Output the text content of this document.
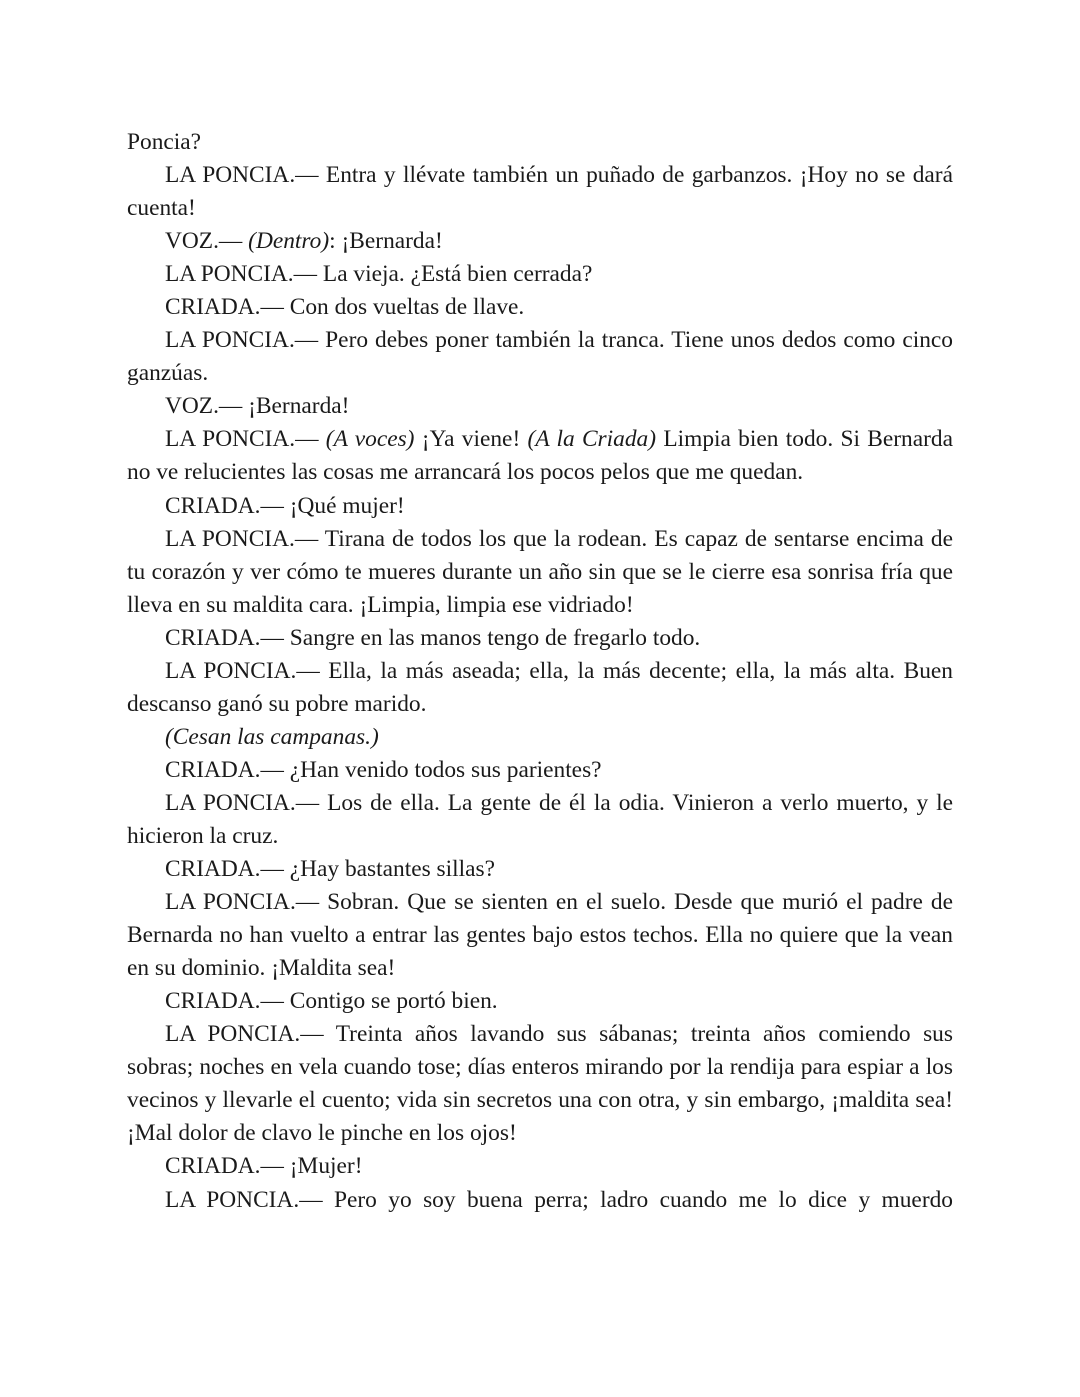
Poncia?

LA PONCIA.— Entra y llévate también un puñado de garbanzos. ¡Hoy no se dará cuenta!

VOZ.— (Dentro): ¡Bernarda!

LA PONCIA.— La vieja. ¿Está bien cerrada?

CRIADA.— Con dos vueltas de llave.

LA PONCIA.— Pero debes poner también la tranca. Tiene unos dedos como cinco ganzúas.

VOZ.— ¡Bernarda!

LA PONCIA.— (A voces) ¡Ya viene! (A la Criada) Limpia bien todo. Si Bernarda no ve relucientes las cosas me arrancará los pocos pelos que me quedan.

CRIADA.— ¡Qué mujer!

LA PONCIA.— Tirana de todos los que la rodean. Es capaz de sentarse encima de tu corazón y ver cómo te mueres durante un año sin que se le cierre esa sonrisa fría que lleva en su maldita cara. ¡Limpia, limpia ese vidriado!

CRIADA.— Sangre en las manos tengo de fregarlo todo.

LA PONCIA.— Ella, la más aseada; ella, la más decente; ella, la más alta. Buen descanso ganó su pobre marido.

(Cesan las campanas.)

CRIADA.— ¿Han venido todos sus parientes?

LA PONCIA.— Los de ella. La gente de él la odia. Vinieron a verlo muerto, y le hicieron la cruz.

CRIADA.— ¿Hay bastantes sillas?

LA PONCIA.— Sobran. Que se sienten en el suelo. Desde que murió el padre de Bernarda no han vuelto a entrar las gentes bajo estos techos. Ella no quiere que la vean en su dominio. ¡Maldita sea!

CRIADA.— Contigo se portó bien.

LA PONCIA.— Treinta años lavando sus sábanas; treinta años comiendo sus sobras; noches en vela cuando tose; días enteros mirando por la rendija para espiar a los vecinos y llevarle el cuento; vida sin secretos una con otra, y sin embargo, ¡maldita sea! ¡Mal dolor de clavo le pinche en los ojos!

CRIADA.— ¡Mujer!

LA PONCIA.— Pero yo soy buena perra; ladro cuando me lo dice y muerdo
